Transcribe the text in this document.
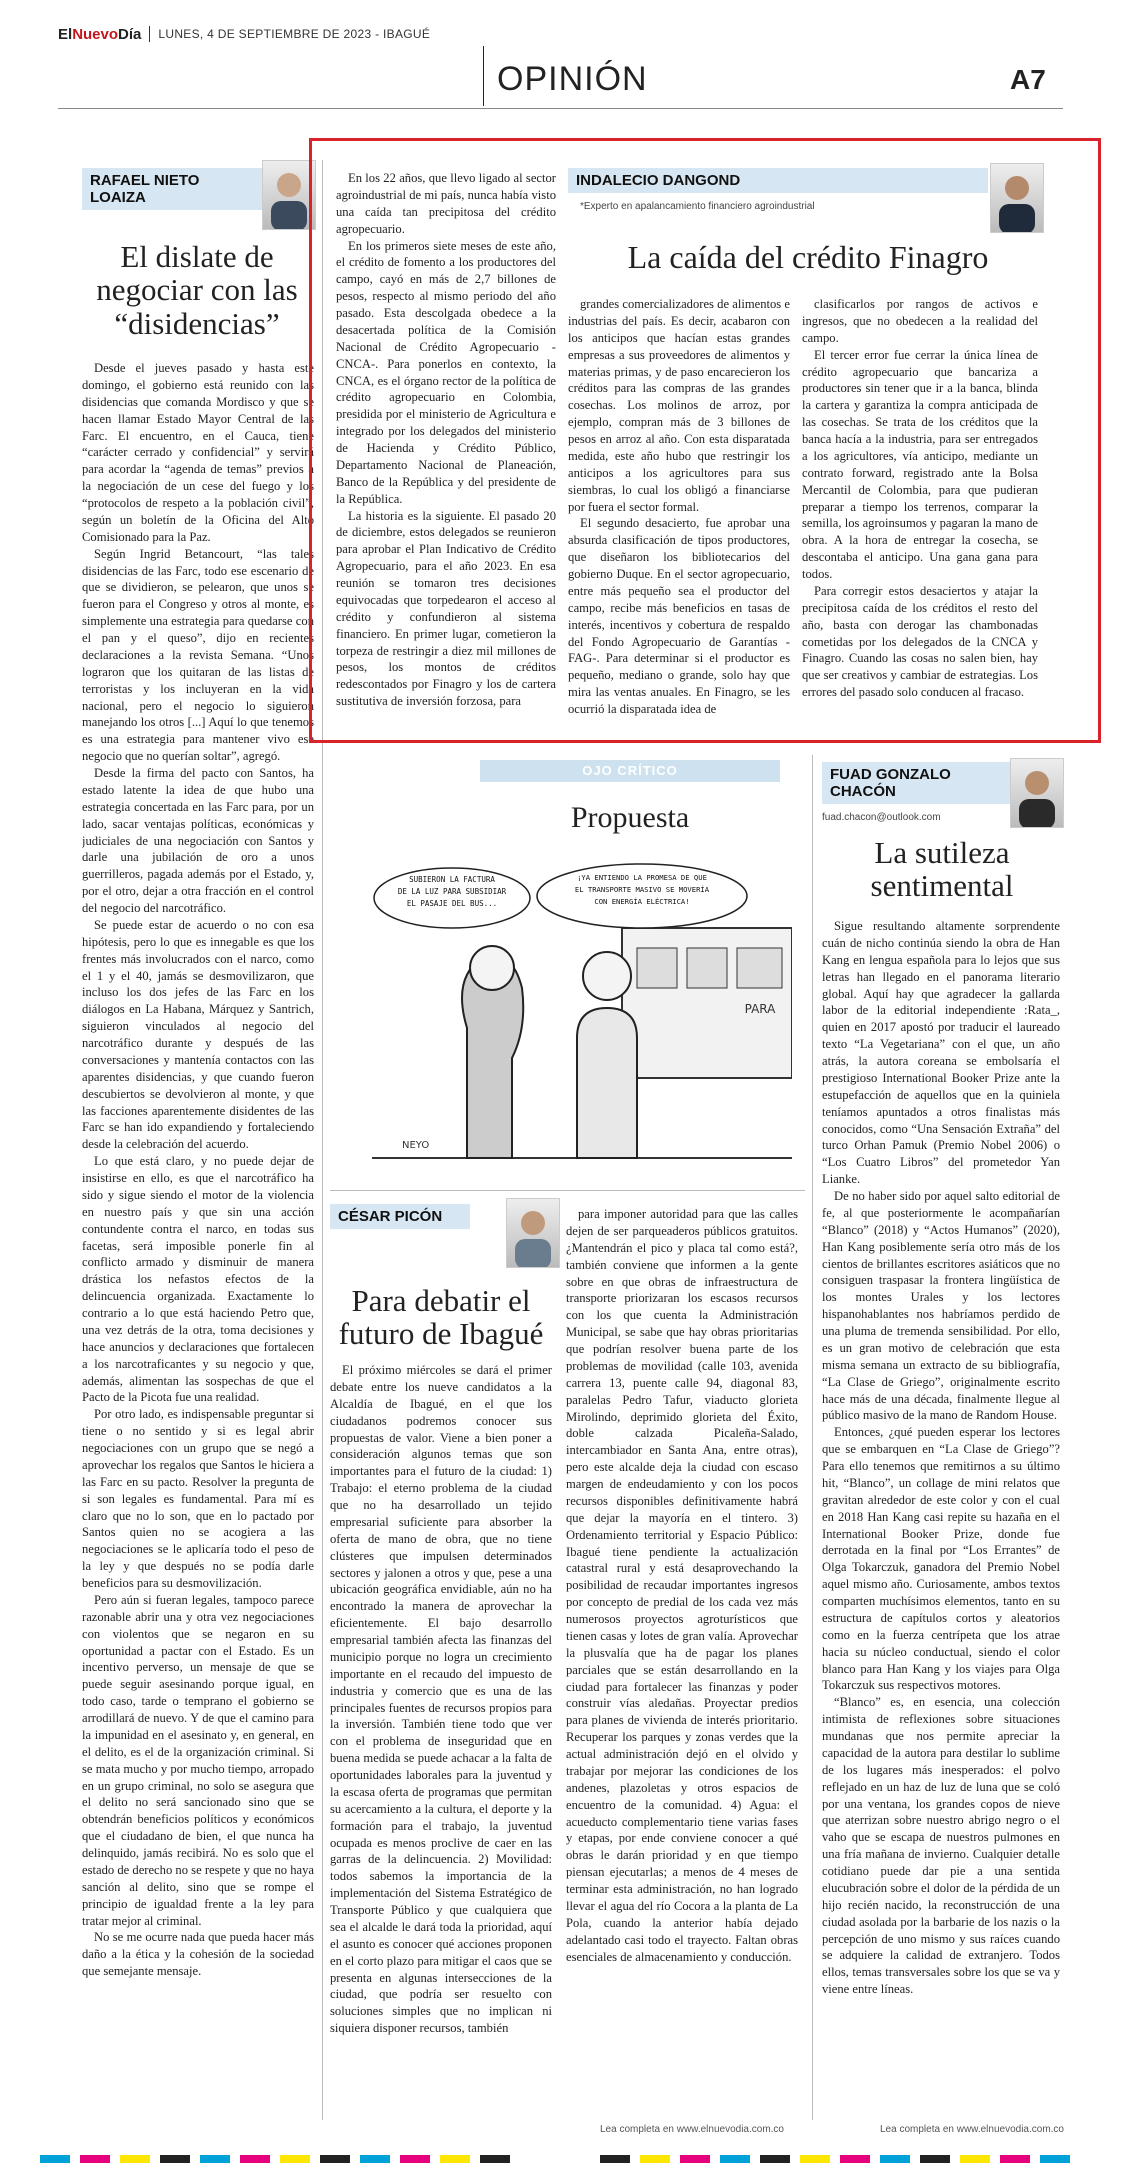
ElNuevoDía LUNES, 4 DE SEPTIEMBRE DE 2023 - IBAGUÉ
OPINIÓN	A7
RAFAEL NIETO LOAIZA
El dislate de negociar con las “disidencias”

Desde el jueves pasado y hasta este domingo, el gobierno está reunido con las disidencias que comanda Mordisco y que se hacen llamar Estado Mayor Central de las Farc. El encuentro, en el Cauca, tiene “carácter cerrado y confidencial” y servirá para acordar la “agenda de temas” previos a la negociación de un cese del fuego y los “protocolos de respeto a la población civil”, según un boletín de la Oficina del Alto Comisionado para la Paz.

Según Ingrid Betancourt, “las tales disidencias de las Farc, todo ese escenario de que se dividieron, se pelearon, que unos se fueron para el Congreso y otros al monte, es simplemente una estrategia para quedarse con el pan y el queso”, dijo en recientes declaraciones a la revista Semana. “Unos lograron que los quitaran de las listas de terroristas y los incluyeran en la vida nacional, pero el negocio lo siguieron manejando los otros [...] Aquí lo que tenemos es una estrategia para mantener vivo ese negocio que no querían soltar”, agregó.

Desde la firma del pacto con Santos, ha estado latente la idea de que hubo una estrategia concertada en las Farc para, por un lado, sacar ventajas políticas, económicas y judiciales de una negociación con Santos y darle una jubilación de oro a unos guerrilleros, pagada además por el Estado, y, por el otro, dejar a otra fracción en el control del negocio del narcotráfico.

Se puede estar de acuerdo o no con esa hipótesis, pero lo que es innegable es que los frentes más involucrados con el narco, como el 1 y el 40, jamás se desmovilizaron, que incluso los dos jefes de las Farc en los diálogos en La Habana, Márquez y Santrich, siguieron vinculados al negocio del narcotráfico durante y después de las conversaciones y mantenía contactos con las aparentes disidencias, y que cuando fueron descubiertos se devolvieron al monte, y que las facciones aparentemente disidentes de las Farc se han ido expandiendo y fortaleciendo desde la celebración del acuerdo.

Lo que está claro, y no puede dejar de insistirse en ello, es que el narcotráfico ha sido y sigue siendo el motor de la violencia en nuestro país y que sin una acción contundente contra el narco, en todas sus facetas, será imposible ponerle fin al conflicto armado y disminuir de manera drástica los nefastos efectos de la delincuencia organizada. Exactamente lo contrario a lo que está haciendo Petro que, una vez detrás de la otra, toma decisiones y hace anuncios y declaraciones que fortalecen a los narcotraficantes y su negocio y que, además, alimentan las sospechas de que el Pacto de la Picota fue una realidad.

Por otro lado, es indispensable preguntar si tiene o no sentido y si es legal abrir negociaciones con un grupo que se negó a aprovechar los regalos que Santos le hiciera a las Farc en su pacto. Resolver la pregunta de si son legales es fundamental. Para mí es claro que no lo son, que en lo pactado por Santos quien no se acogiera a las negociaciones se le aplicaría todo el peso de la ley y que después no se podía darle beneficios para su desmovilización.

Pero aún si fueran legales, tampoco parece razonable abrir una y otra vez negociaciones con violentos que se negaron en su oportunidad a pactar con el Estado. Es un incentivo perverso, un mensaje de que se puede seguir asesinando porque igual, en todo caso, tarde o temprano el gobierno se arrodillará de nuevo. Y de que el camino para la impunidad en el asesinato y, en general, en el delito, es el de la organización criminal. Si se mata mucho y por mucho tiempo, arropado en un grupo criminal, no solo se asegura que el delito no será sancionado sino que se obtendrán beneficios políticos y económicos que el ciudadano de bien, el que nunca ha delinquido, jamás recibirá. No es solo que el estado de derecho no se respete y que no haya sanción al delito, sino que se rompe el principio de igualdad frente a la ley para tratar mejor al criminal.

No se me ocurre nada que pueda hacer más daño a la ética y la cohesión de la sociedad que semejante mensaje.

Lea completa en www.elnuevodia.com.co

En los 22 años, que llevo ligado al sector agroindustrial de mi país, nunca había visto una caída tan precipitosa del crédito agropecuario.

En los primeros siete meses de este año, el crédito de fomento a los productores del campo, cayó en más de 2,7 billones de pesos, respecto al mismo periodo del año pasado. Esta descolgada obedece a la desacertada política de la Comisión Nacional de Crédito Agropecuario -CNCA-. Para ponerlos en contexto, la CNCA, es el órgano rector de la política de crédito agropecuario en Colombia, presidida por el ministerio de Agricultura e integrado por los delegados del ministerio de Hacienda y Crédito Público, Departamento Nacional de Planeación, Banco de la República y del presidente de la República.

La historia es la siguiente. El pasado 20 de diciembre, estos delegados se reunieron para aprobar el Plan Indicativo de Crédito Agropecuario, para el año 2023. En esa reunión se tomaron tres decisiones equivocadas que torpedearon el acceso al crédito y confundieron al sistema financiero. En primer lugar, cometieron la torpeza de restringir a diez mil millones de pesos, los montos de créditos redescontados por Finagro y los de cartera sustitutiva de inversión forzosa, para

INDALECIO DANGOND
*Experto en apalancamiento financiero agroindustrial
La caída del crédito Finagro

grandes comercializadores de alimentos e industrias del país. Es decir, acabaron con los anticipos que hacían estas grandes empresas a sus proveedores de alimentos y materias primas, y de paso encarecieron los créditos para las compras de las grandes cosechas. Los molinos de arroz, por ejemplo, compran más de 3 billones de pesos en arroz al año. Con esta disparatada medida, este año hubo que restringir los anticipos a los agricultores para sus siembras, lo cual los obligó a financiarse por fuera el sector formal.

El segundo desacierto, fue aprobar una absurda clasificación de tipos productores, que diseñaron los bibliotecarios del gobierno Duque. En el sector agropecuario, entre más pequeño sea el productor del campo, recibe más beneficios en tasas de interés, incentivos y cobertura de respaldo del Fondo Agropecuario de Garantías -FAG-. Para determinar si el productor es pequeño, mediano o grande, solo hay que mira las ventas anuales. En Finagro, se les ocurrió la disparatada idea de

clasificarlos por rangos de activos e ingresos, que no obedecen a la realidad del campo.

El tercer error fue cerrar la única línea de crédito agropecuario que bancariza a productores sin tener que ir a la banca, blinda la cartera y garantiza la compra anticipada de las cosechas. Se trata de los créditos que la banca hacía a la industria, para ser entregados a los agricultores, vía anticipo, mediante un contrato forward, registrado ante la Bolsa Mercantil de Colombia, para que pudieran preparar a tiempo los terrenos, comparar la semilla, los agroinsumos y pagaran la mano de obra. A la hora de entregar la cosecha, se descontaba el anticipo. Una gana gana para todos.

Para corregir estos desaciertos y atajar la precipitosa caída de los créditos el resto del año, basta con derogar las chambonadas cometidas por los delegados de la CNCA y Finagro. Cuando las cosas no salen bien, hay que ser creativos y cambiar de estrategias. Los errores del pasado solo conducen al fracaso.

OJO CRÍTICO
Propuesta
SUBIERON LA FACTURA
DE LA LUZ PARA SUBSIDIAR
EL PASAJE DEL BUS...
¡YA ENTIENDO LA PROMESA DE QUE
EL TRANSPORTE MASIVO SE MOVERÍA
CON ENERGÍA ELÉCTRICA!
PARA
NEYO
CÉSAR PICÓN
Para debatir el futuro de Ibagué

El próximo miércoles se dará el primer debate entre los nueve candidatos a la Alcaldía de Ibagué, en el que los ciudadanos podremos conocer sus propuestas de valor. Viene a bien poner a consideración algunos temas que son importantes para el futuro de la ciudad: 1) Trabajo: el eterno problema de la ciudad que no ha desarrollado un tejido empresarial suficiente para absorber la oferta de mano de obra, que no tiene clústeres que impulsen determinados sectores y jalonen a otros y que, pese a una ubicación geográfica envidiable, aún no ha encontrado la manera de aprovechar la eficientemente. El bajo desarrollo empresarial también afecta las finanzas del municipio porque no logra un crecimiento importante en el recaudo del impuesto de industria y comercio que es una de las principales fuentes de recursos propios para la inversión. También tiene todo que ver con el problema de inseguridad que en buena medida se puede achacar a la falta de oportunidades laborales para la juventud y la escasa oferta de programas que permitan su acercamiento a la cultura, el deporte y la formación para el trabajo, la juventud ocupada es menos proclive de caer en las garras de la delincuencia. 2) Movilidad: todos sabemos la importancia de la implementación del Sistema Estratégico de Transporte Público y que cualquiera que sea el alcalde le dará toda la prioridad, aquí el asunto es conocer qué acciones proponen en el corto plazo para mitigar el caos que se presenta en algunas intersecciones de la ciudad, que podría ser resuelto con soluciones simples que no implican ni siquiera disponer recursos, también

para imponer autoridad para que las calles dejen de ser parqueaderos públicos gratuitos. ¿Mantendrán el pico y placa tal como está?, también conviene que informen a la gente sobre en que obras de infraestructura de transporte priorizaran los escasos recursos con los que cuenta la Administración Municipal, se sabe que hay obras prioritarias que podrían resolver buena parte de los problemas de movilidad (calle 103, avenida carrera 13, puente calle 94, diagonal 83, paralelas Pedro Tafur, viaducto glorieta Mirolindo, deprimido glorieta del Éxito, doble calzada Picaleña-Salado, intercambiador en Santa Ana, entre otras), pero este alcalde deja la ciudad con escaso margen de endeudamiento y con los pocos recursos disponibles definitivamente habrá que dejar la mayoría en el tintero. 3) Ordenamiento territorial y Espacio Público: Ibagué tiene pendiente la actualización catastral rural y está desaprovechando la posibilidad de recaudar importantes ingresos por concepto de predial de los cada vez más numerosos proyectos agroturísticos que tienen casas y lotes de gran valía. Aprovechar la plusvalía que ha de pagar los planes parciales que se están desarrollando en la ciudad para fortalecer las finanzas y poder construir vías aledañas. Proyectar predios para planes de vivienda de interés prioritario. Recuperar los parques y zonas verdes que la actual administración dejó en el olvido y trabajar por mejorar las condiciones de los andenes, plazoletas y otros espacios de encuentro de la comunidad. 4) Agua: el acueducto complementario tiene varias fases y etapas, por ende conviene conocer a qué obras le darán prioridad y en que tiempo piensan ejecutarlas; a menos de 4 meses de terminar esta administración, no han logrado llevar el agua del río Cocora a la planta de La Pola, cuando la anterior había dejado adelantado casi todo el trayecto. Faltan obras esenciales de almacenamiento y conducción.

FUAD GONZALO CHACÓN
fuad.chacon@outlook.com
La sutileza sentimental

Sigue resultando altamente sorprendente cuán de nicho continúa siendo la obra de Han Kang en lengua española para lo lejos que sus letras han llegado en el panorama literario global. Aquí hay que agradecer la gallarda labor de la editorial independiente :Rata_, quien en 2017 apostó por traducir el laureado texto “La Vegetariana” con el que, un año atrás, la autora coreana se embolsaría el prestigioso International Booker Prize ante la estupefacción de aquellos que en la quiniela teníamos apuntados a otros finalistas más conocidos, como “Una Sensación Extraña” del turco Orhan Pamuk (Premio Nobel 2006) o “Los Cuatro Libros” del prometedor Yan Lianke.

De no haber sido por aquel salto editorial de fe, al que posteriormente le acompañarían “Blanco” (2018) y “Actos Humanos” (2020), Han Kang posiblemente sería otro más de los cientos de brillantes escritores asiáticos que no consiguen traspasar la frontera lingüística de los montes Urales y los lectores hispanohablantes nos habríamos perdido de una pluma de tremenda sensibilidad. Por ello, es un gran motivo de celebración que esta misma semana un extracto de su bibliografía, “La Clase de Griego”, originalmente escrito hace más de una década, finalmente llegue al público masivo de la mano de Random House.

Entonces, ¿qué pueden esperar los lectores que se embarquen en “La Clase de Griego”? Para ello tenemos que remitirnos a su último hit, “Blanco”, un collage de mini relatos que gravitan alrededor de este color y con el cual en 2018 Han Kang casi repite su hazaña en el International Booker Prize, donde fue derrotada en la final por “Los Errantes” de Olga Tokarczuk, ganadora del Premio Nobel aquel mismo año. Curiosamente, ambos textos comparten muchísimos elementos, tanto en su estructura de capítulos cortos y aleatorios como en la fuerza centrípeta que los atrae hacia su núcleo conductual, siendo el color blanco para Han Kang y los viajes para Olga Tokarczuk sus respectivos motores.

“Blanco” es, en esencia, una colección intimista de reflexiones sobre situaciones mundanas que nos permite apreciar la capacidad de la autora para destilar lo sublime de los lugares más inesperados: el polvo reflejado en un haz de luz de luna que se coló por una ventana, los grandes copos de nieve que aterrizan sobre nuestro abrigo negro o el vaho que se escapa de nuestros pulmones en una fría mañana de invierno. Cualquier detalle cotidiano puede dar pie a una sentida elucubración sobre el dolor de la pérdida de un hijo recién nacido, la reconstrucción de una ciudad asolada por la barbarie de los nazis o la percepción de uno mismo y sus raíces cuando se adquiere la calidad de extranjero. Todos ellos, temas transversales sobre los que se va y viene entre líneas.

Lea completa en www.elnuevodia.com.co
